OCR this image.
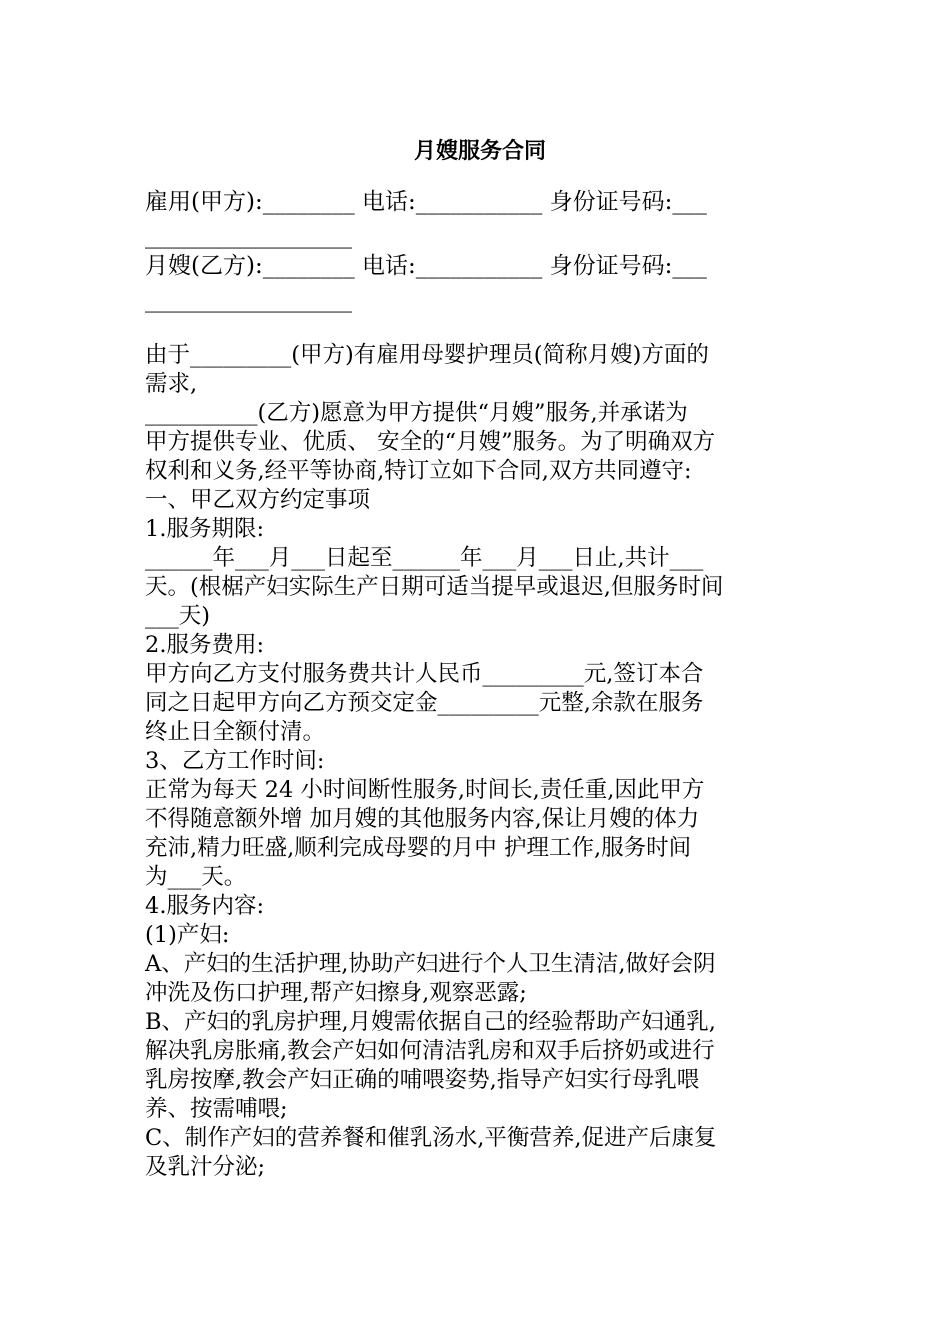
月嫂服务合同
雇用(甲方):________ 电话:___________ 身份证号码:___
__________________
月嫂(乙方):________ 电话:___________ 身份证号码:___
__________________
由于_________(甲方)有雇用母婴护理员(简称月嫂)方面的
需求,
__________(乙方)愿意为甲方提供“月嫂”服务,并承诺为
甲方提供专业、优质、 安全的“月嫂”服务。为了明确双方
权利和义务,经平等协商,特订立如下合同,双方共同遵守:
一、甲乙双方约定事项
1.服务期限:
______年___月___日起至______年___月___日止,共计___
天。(根椐产妇实际生产日期可适当提早或退迟,但服务时间
___天)
2.服务费用:
甲方向乙方支付服务费共计人民币_________元,签订本合
同之日起甲方向乙方预交定金_________元整,余款在服务
终止日全额付清。
3、乙方工作时间:
正常为每天 24 小时间断性服务,时间长,责任重,因此甲方
不得随意额外增 加月嫂的其他服务内容,保让月嫂的体力
充沛,精力旺盛,顺利完成母婴的月中 护理工作,服务时间
为___天。
4.服务内容:
(1)产妇:
A、产妇的生活护理,协助产妇进行个人卫生清洁,做好会阴
冲洗及伤口护理,帮产妇擦身,观察恶露;
B、产妇的乳房护理,月嫂需依据自己的经验帮助产妇通乳,
解决乳房胀痛,教会产妇如何清洁乳房和双手后挤奶或进行
乳房按摩,教会产妇正确的哺喂姿势,指导产妇实行母乳喂
养、按需哺喂;
C、制作产妇的营养餐和催乳汤水,平衡营养,促进产后康复
及乳汁分泌;
